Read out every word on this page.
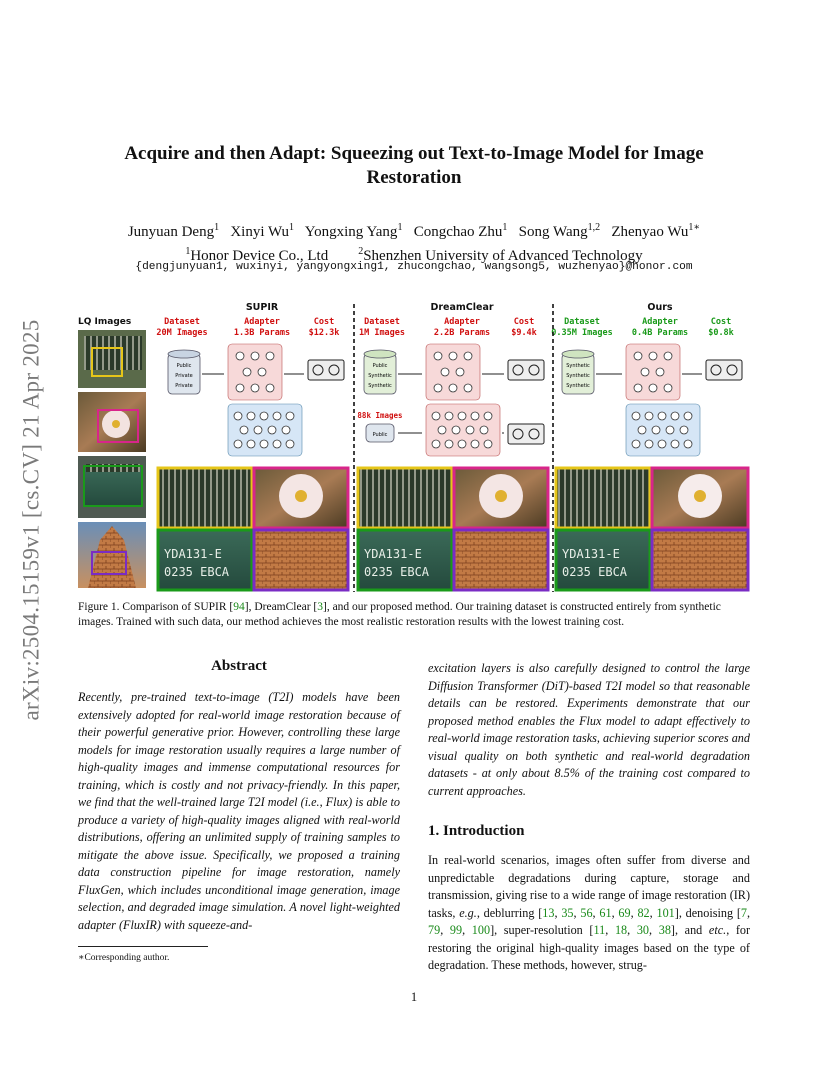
arXiv:2504.15159v1 [cs.CV] 21 Apr 2025
Acquire and then Adapt: Squeezing out Text-to-Image Model for Image Restoration
Junyuan Deng$^1$ Xinyi Wu$^1$ Yongxing Yang$^1$ Congchao Zhu$^1$ Song Wang$^{1,2}$ Zhenyao $Wu^{1∗}$
$^1$Honor Device Co., Ltd	$^2$Shenzhen University of Advanced Technology
{dengjunyuan1, wuxinyi, yangyongxing1, zhucongchao, wangsong5, wuzhenyao}@honor.com
LQ Images
SUPIR
Dataset
20M Images
Adapter
1.3B Params
Cost
$12.3k
Public
Private
Private
DreamClear
Dataset
1M Images
Adapter
2.2B Params
Cost
$9.4k
Public
Synthetic
Synthetic
88k Images
Public
Ours
Dataset
0.35M Images
Adapter
0.4B Params
Cost
$0.8k
Synthetic
Synthetic
Synthetic
YDA131-E
0235 EBCA
YDA131-E
0235 EBCA
YDA131-E
0235 EBCA
Figure 1. Comparison of SUPIR [94], DreamClear [3], and our proposed method. Our training dataset is constructed entirely from synthetic images. Trained with such data, our method achieves the most realistic restoration results with the lowest training cost.
Abstract
Recently, pre-trained text-to-image (T2I) models have been extensively adopted for real-world image restoration because of their powerful generative prior. However, controlling these large models for image restoration usually requires a large number of high-quality images and immense computational resources for training, which is costly and not privacy-friendly. In this paper, we find that the well-trained large T2I model (i.e., Flux) is able to produce a variety of high-quality images aligned with real-world distributions, offering an unlimited supply of training samples to mitigate the above issue. Specifically, we proposed a training data construction pipeline for image restoration, namely FluxGen, which includes unconditional image generation, image selection, and degraded image simulation. A novel light-weighted adapter (FluxIR) with squeeze-and-
excitation layers is also carefully designed to control the large Diffusion Transformer (DiT)-based T2I model so that reasonable details can be restored. Experiments demonstrate that our proposed method enables the Flux model to adapt effectively to real-world image restoration tasks, achieving superior scores and visual quality on both synthetic and real-world degradation datasets - at only about 8.5% of the training cost compared to current approaches.
1. Introduction
In real-world scenarios, images often suffer from diverse and unpredictable degradations during capture, storage and transmission, giving rise to a wide range of image restoration (IR) tasks, e.g., deblurring [13, 35, 56, 61, 69, 82, 101], denoising [7, 79, 99, 100], super-resolution [11, 18, 30, 38], and etc., for restoring the original high-quality images based on the type of degradation. These methods, however, strug-
∗Corresponding author.
1
